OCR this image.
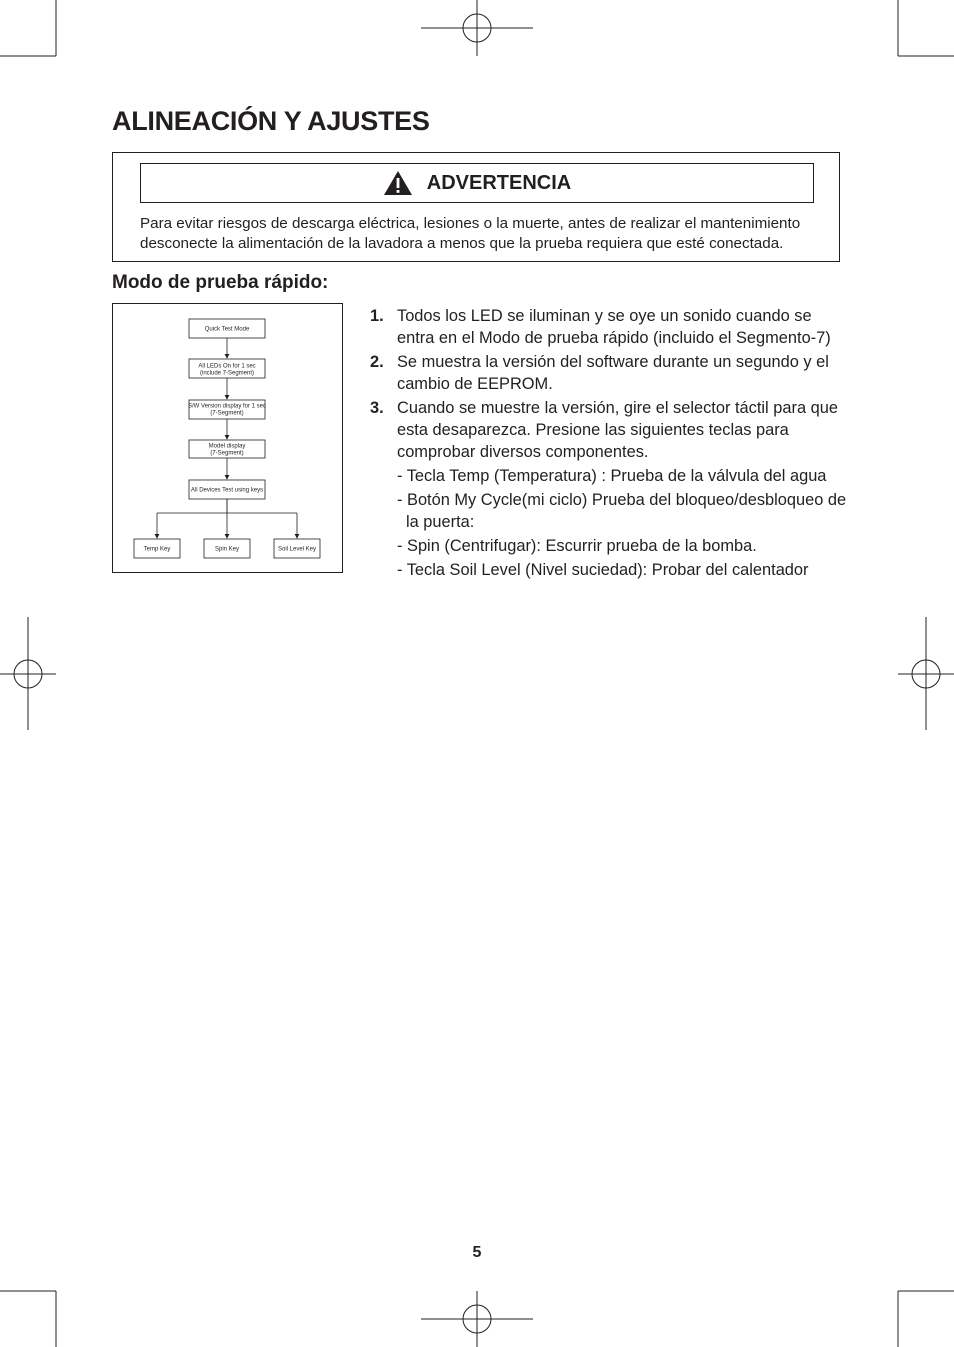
ALINEACIÓN Y AJUSTES
ADVERTENCIA

Para evitar riesgos de descarga eléctrica, lesiones o la muerte, antes de realizar el mantenimiento desconecte la alimentación de la lavadora a menos que la prueba requiera que esté conectada.

Modo de prueba rápido:
Quick Test Mode
All LEDs On for 1 sec
(include 7-Segment)
S/W Version display for 1 sec
(7-Segment)
Model display
(7-Segment)
All Devices Test using keys
Temp Key	Spin Key	Soil Level Key
1. Todos los LED se iluminan y se oye un sonido cuando se entra en el Modo de prueba rápido (incluido el Segmento-7)
2. Se muestra la versión del software durante un segundo y el cambio de EEPROM.
3. Cuando se muestre la versión, gire el selector táctil para que esta desaparezca. Presione las siguientes teclas para comprobar diversos componentes.
- Tecla Temp (Temperatura) : Prueba de la válvula del agua
- Botón My Cycle(mi ciclo) Prueba del bloqueo/desbloqueo de la puerta:
- Spin (Centrifugar): Escurrir prueba de la bomba.
- Tecla Soil Level (Nivel suciedad): Probar del calentador
5
